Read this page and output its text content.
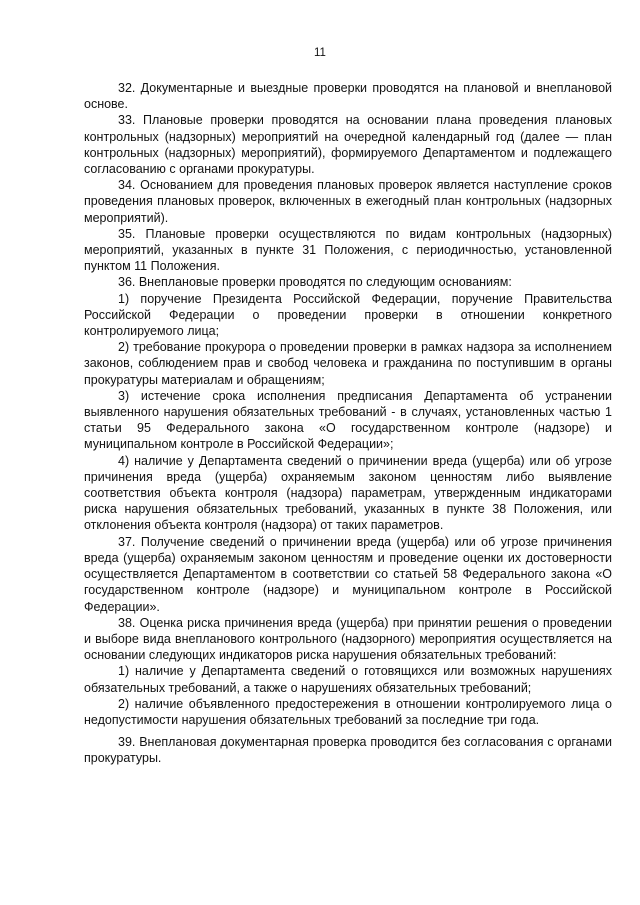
11

32. Документарные и выездные проверки проводятся на плановой и внеплановой основе.

33. Плановые проверки проводятся на основании плана проведения плановых контрольных (надзорных) мероприятий на очередной календарный год (далее — план контрольных (надзорных) мероприятий), формируемого Департаментом и подлежащего согласованию с органами прокуратуры.

34. Основанием для проведения плановых проверок является наступление сроков проведения плановых проверок, включенных в ежегодный план контрольных (надзорных мероприятий).

35. Плановые проверки осуществляются по видам контрольных (надзорных) мероприятий, указанных в пункте 31 Положения, с периодичностью, установленной пунктом 11 Положения.

36. Внеплановые проверки проводятся по следующим основаниям:

1) поручение Президента Российской Федерации, поручение Правительства Российской Федерации о проведении проверки в отношении конкретного контролируемого лица;

2) требование прокурора о проведении проверки в рамках надзора за исполнением законов, соблюдением прав и свобод человека и гражданина по поступившим в органы прокуратуры материалам и обращениям;

3) истечение срока исполнения предписания Департамента об устранении выявленного нарушения обязательных требований - в случаях, установленных частью 1 статьи 95 Федерального закона «О государственном контроле (надзоре) и муниципальном контроле в Российской Федерации»;

4) наличие у Департамента сведений о причинении вреда (ущерба) или об угрозе причинения вреда (ущерба) охраняемым законом ценностям либо выявление соответствия объекта контроля (надзора) параметрам, утвержденным индикаторами риска нарушения обязательных требований, указанных в пункте 38 Положения, или отклонения объекта контроля (надзора) от таких параметров.

37. Получение сведений о причинении вреда (ущерба) или об угрозе причинения вреда (ущерба) охраняемым законом ценностям и проведение оценки их достоверности осуществляется Департаментом в соответствии со статьей 58 Федерального закона «О государственном контроле (надзоре) и муниципальном контроле в Российской Федерации».

38. Оценка риска причинения вреда (ущерба) при принятии решения о проведении и выборе вида внепланового контрольного (надзорного) мероприятия осуществляется на основании следующих индикаторов риска нарушения обязательных требований:

1) наличие у Департамента сведений о готовящихся или возможных нарушениях обязательных требований, а также о нарушениях обязательных требований;

2) наличие объявленного предостережения в отношении контролируемого лица о недопустимости нарушения обязательных требований за последние три года.

39. Внеплановая документарная проверка проводится без согласования с органами прокуратуры.
